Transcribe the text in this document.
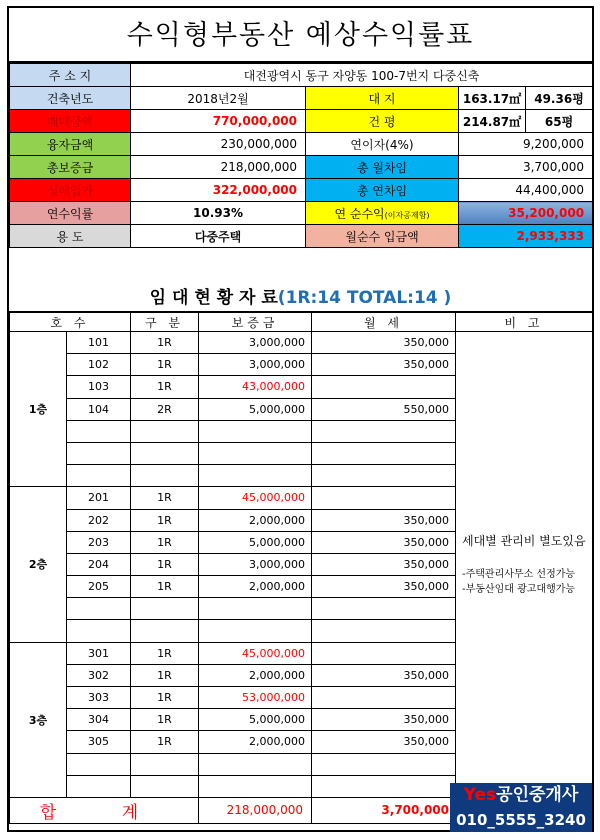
수익형부동산 예상수익률표
주 소 지	대전광역시 동구 자양동 100-7번지 다중신축			
건축년도	2018년2월	대 지	163.17㎡	49.36평
매매금액	770,000,000	건 평	214.87㎡	65평
융자금액	230,000,000	연이자(4%)	9,200,000	
총보증금	218,000,000	총 월차임	3,700,000	
실매입가	322,000,000	총 연차임	44,400,000	
연수익률	10.93%	연 순수익(이자공제함)	35,200,000	
용 도	다중주택	월순수 입금액	2,933,333	
임 대 현 황 자 료(1R:14 TOTAL:14 )
호 수		구 분	보증금	월 세	비 고
1층	101	1R	3,000,000	350,000	세대별 관리비 별도있음
-주택관리사무소 선정가능
-부동산임대 광고대행가능

	102	1R	3,000,000	350,000	
	103	1R	43,000,000		
	104	2R	5,000,000	550,000	

2층	201	1R	45,000,000		
	202	1R	2,000,000	350,000	
	203	1R	5,000,000	350,000	
	204	1R	3,000,000	350,000	
	205	1R	2,000,000	350,000	

3층	301	1R	45,000,000		
	302	1R	2,000,000	350,000	
	303	1R	53,000,000		
	304	1R	5,000,000	350,000	
	305	1R	2,000,000	350,000	

합 계			218,000,000	3,700,000	
Yes공인중개사
010_5555_3240
